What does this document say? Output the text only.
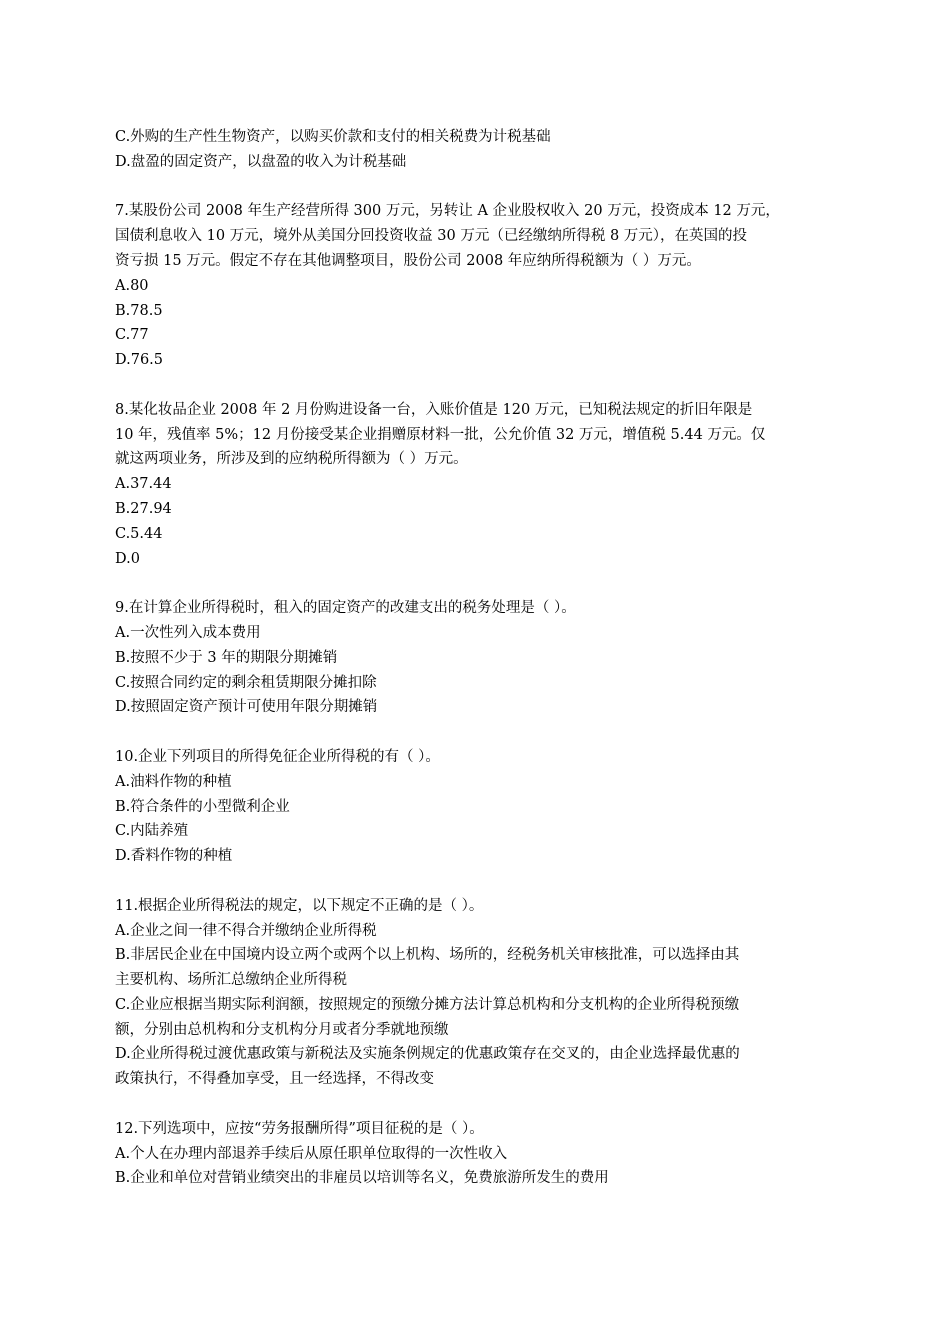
C.外购的生产性生物资产，以购买价款和支付的相关税费为计税基础
D.盘盈的固定资产，以盘盈的收入为计税基础
7.某股份公司 2008 年生产经营所得 300 万元，另转让 A 企业股权收入 20 万元，投资成本 12 万元，
国债利息收入 10 万元，境外从美国分回投资收益 30 万元（已经缴纳所得税 8 万元），在英国的投
资亏损 15 万元。假定不存在其他调整项目，股份公司 2008 年应纳所得税额为（ ）万元。
A.80
B.78.5
C.77
D.76.5
8.某化妆品企业 2008 年 2 月份购进设备一台，入账价值是 120 万元，已知税法规定的折旧年限是
10 年，残值率 5%；12 月份接受某企业捐赠原材料一批，公允价值 32 万元，增值税 5.44 万元。仅
就这两项业务，所涉及到的应纳税所得额为（ ）万元。
A.37.44
B.27.94
C.5.44
D.0
9.在计算企业所得税时，租入的固定资产的改建支出的税务处理是（ ）。
A.一次性列入成本费用
B.按照不少于 3 年的期限分期摊销
C.按照合同约定的剩余租赁期限分摊扣除
D.按照固定资产预计可使用年限分期摊销
10.企业下列项目的所得免征企业所得税的有（ ）。
A.油料作物的种植
B.符合条件的小型微利企业
C.内陆养殖
D.香料作物的种植
11.根据企业所得税法的规定，以下规定不正确的是（ ）。
A.企业之间一律不得合并缴纳企业所得税
B.非居民企业在中国境内设立两个或两个以上机构、场所的，经税务机关审核批准，可以选择由其
主要机构、场所汇总缴纳企业所得税
C.企业应根据当期实际利润额，按照规定的预缴分摊方法计算总机构和分支机构的企业所得税预缴
额，分别由总机构和分支机构分月或者分季就地预缴
D.企业所得税过渡优惠政策与新税法及实施条例规定的优惠政策存在交叉的，由企业选择最优惠的
政策执行，不得叠加享受，且一经选择，不得改变
12.下列选项中，应按“劳务报酬所得”项目征税的是（ ）。
A.个人在办理内部退养手续后从原任职单位取得的一次性收入
B.企业和单位对营销业绩突出的非雇员以培训等名义，免费旅游所发生的费用
